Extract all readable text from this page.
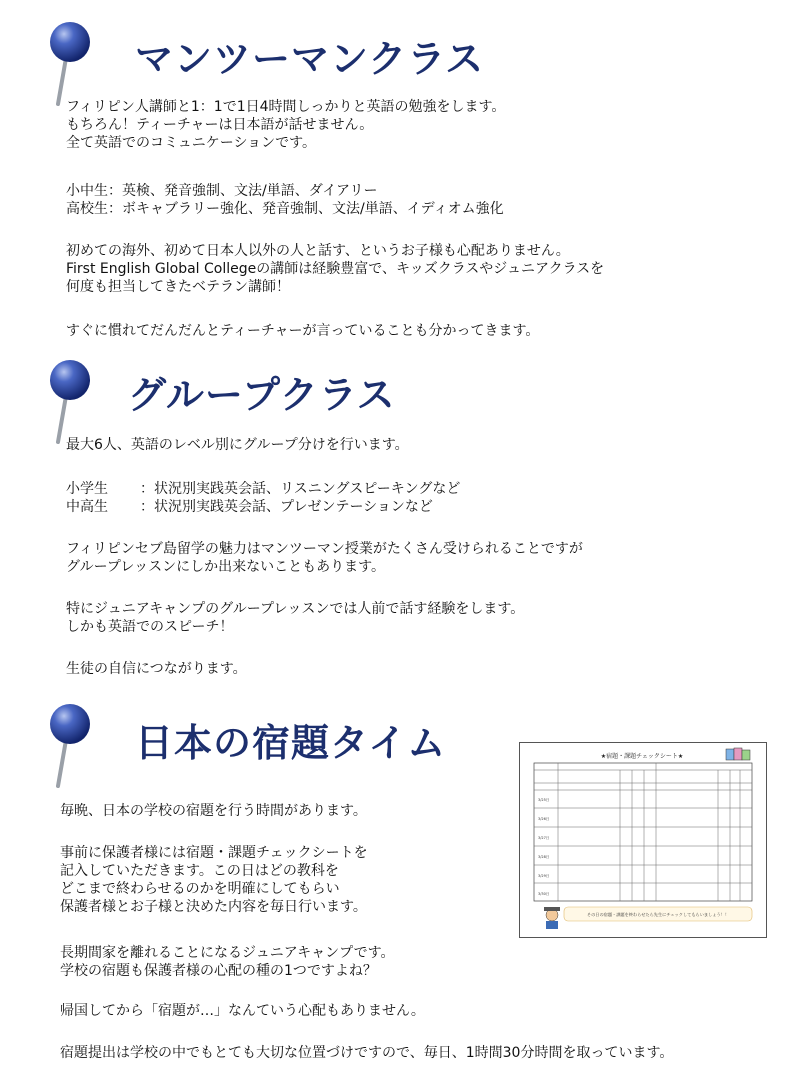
マンツーマンクラス
フィリピン人講師と1：1で1日4時間しっかりと英語の勉強をします。
もちろん！ティーチャーは日本語が話せません。
全て英語でのコミュニケーションです。
小中生：英検、発音強制、文法/単語、ダイアリー
高校生：ボキャブラリー強化、発音強制、文法/単語、イディオム強化
初めての海外、初めて日本人以外の人と話す、というお子様も心配ありません。
First English Global Collegeの講師は経験豊富で、キッズクラスやジュニアクラスを
何度も担当してきたベテラン講師！
すぐに慣れてだんだんとティーチャーが言っていることも分かってきます。
グループクラス
最大6人、英語のレベル別にグループ分けを行います。
小学生	：状況別実践英会話、リスニングスピーキングなど
中高生	：状況別実践英会話、プレゼンテーションなど
フィリピンセブ島留学の魅力はマンツーマン授業がたくさん受けられることですが
グループレッスンにしか出来ないこともあります。
特にジュニアキャンプのグループレッスンでは人前で話す経験をします。
しかも英語でのスピーチ！
生徒の自信につながります。
日本の宿題タイム
毎晩、日本の学校の宿題を行う時間があります。
事前に保護者様には宿題・課題チェックシートを
記入していただきます。この日はどの教科を
どこまで終わらせるのかを明確にしてもらい
保護者様とお子様と決めた内容を毎日行います。
長期間家を離れることになるジュニアキャンプです。
学校の宿題も保護者様の心配の種の1つですよね？
帰国してから「宿題が…」なんていう心配もありません。
宿題提出は学校の中でもとても大切な位置づけですので、毎日、1時間30分時間を取っています。
★宿題・課題チェックシート★
3/25日
3/26日
3/27日
3/28日
3/29日
3/30日
その日の宿題・課題を終わらせたら先生にチェックしてもらいましょう！！
